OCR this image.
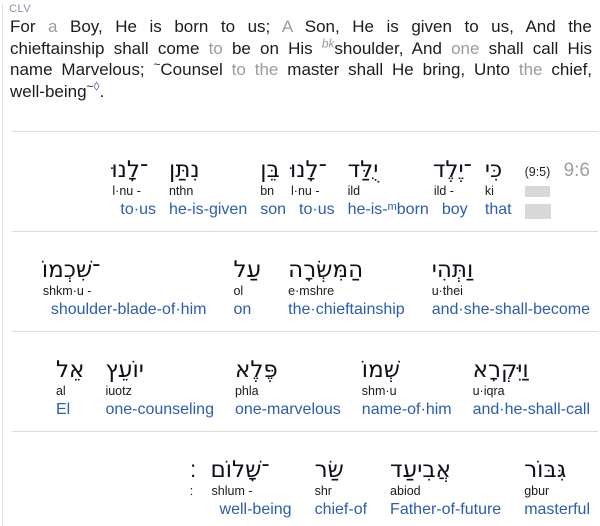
CLV
For a Boy, He is born to us; A Son, He is given to us, And the
chieftainship shall come to be on His $^{bk}$shoulder, And one shall call His
name Marvelous; ~Counsel to the master shall He bring, Unto the chief,
well-being~◊.
9:6
(9:5)
כִּי
ki
that
־יֶלֶד
ild -
boy
יֻלַּד
ild
he-is-ᵐborn
־לָנוּ
l·nu -
to·us
בֵּן
bn
son
נִתַּן
nthn
he-is-given
־לָנוּ
l·nu -
to·us
וַתְּהִי
u·thei
and·she-shall-become
הַמִּשְׂרָה
e·mshre
the·chieftainship
עַל
ol
on
־שִׁכְמוֹ
shkm·u -
shoulder-blade-of·him
וַיִּקְרָא
u·iqra
and·he-shall-call
שְׁמוֹ
shm·u
name-of·him
פֶּלֶא
phla
one-marvelous
יוֹעֵץ
iuotz
one-counseling
אֵל
al
El
גִּבּוֹר
gbur
masterful
אֲבִיעַד
abiod
Father-of-future
שַׂר
shr
chief-of
־שָׁלוֹם
shlum -
well-being
׃
:
